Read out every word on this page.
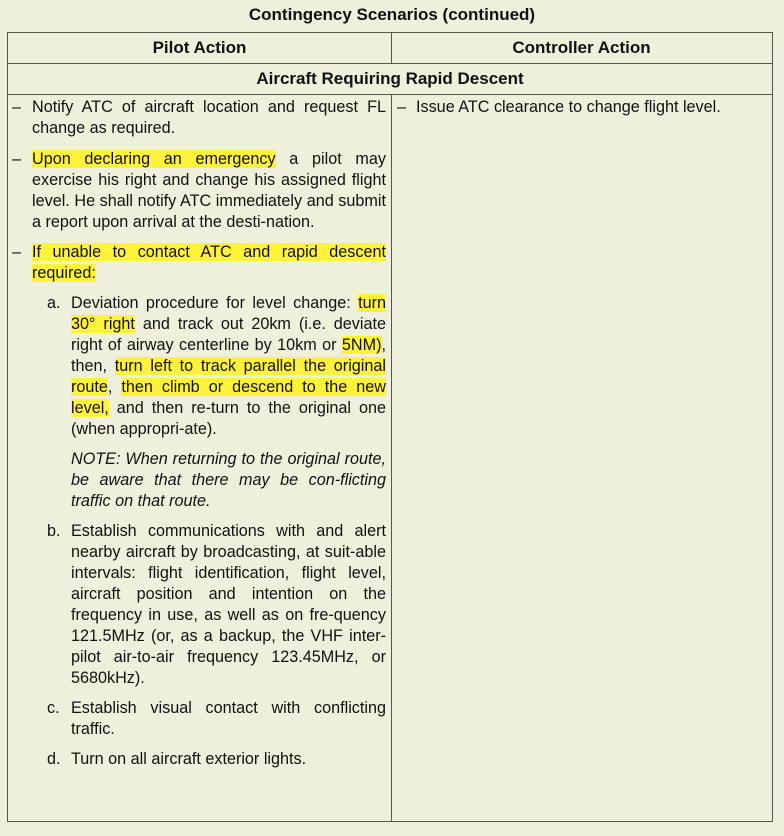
Contingency Scenarios (continued)
Pilot Action	Controller Action
Aircraft Requiring Rapid Descent
– Notify ATC of aircraft location and request FL change as required.
– Upon declaring an emergency a pilot may exercise his right and change his assigned flight level. He shall notify ATC immediately and submit a report upon arrival at the desti-nation.
– If unable to contact ATC and rapid descent required:
a. Deviation procedure for level change: turn 30° right and track out 20km (i.e. deviate right of airway centerline by 10km or 5NM), then, turn left to track parallel the original route, then climb or descend to the new level, and then re-turn to the original one (when appropri-ate).
NOTE: When returning to the original route, be aware that there may be con-flicting traffic on that route.
b. Establish communications with and alert nearby aircraft by broadcasting, at suit-able intervals: flight identification, flight level, aircraft position and intention on the frequency in use, as well as on fre-quency 121.5MHz (or, as a backup, the VHF inter-pilot air-to-air frequency 123.45MHz, or 5680kHz).
c. Establish visual contact with conflicting traffic.
d. Turn on all aircraft exterior lights.
– Issue ATC clearance to change flight level.
